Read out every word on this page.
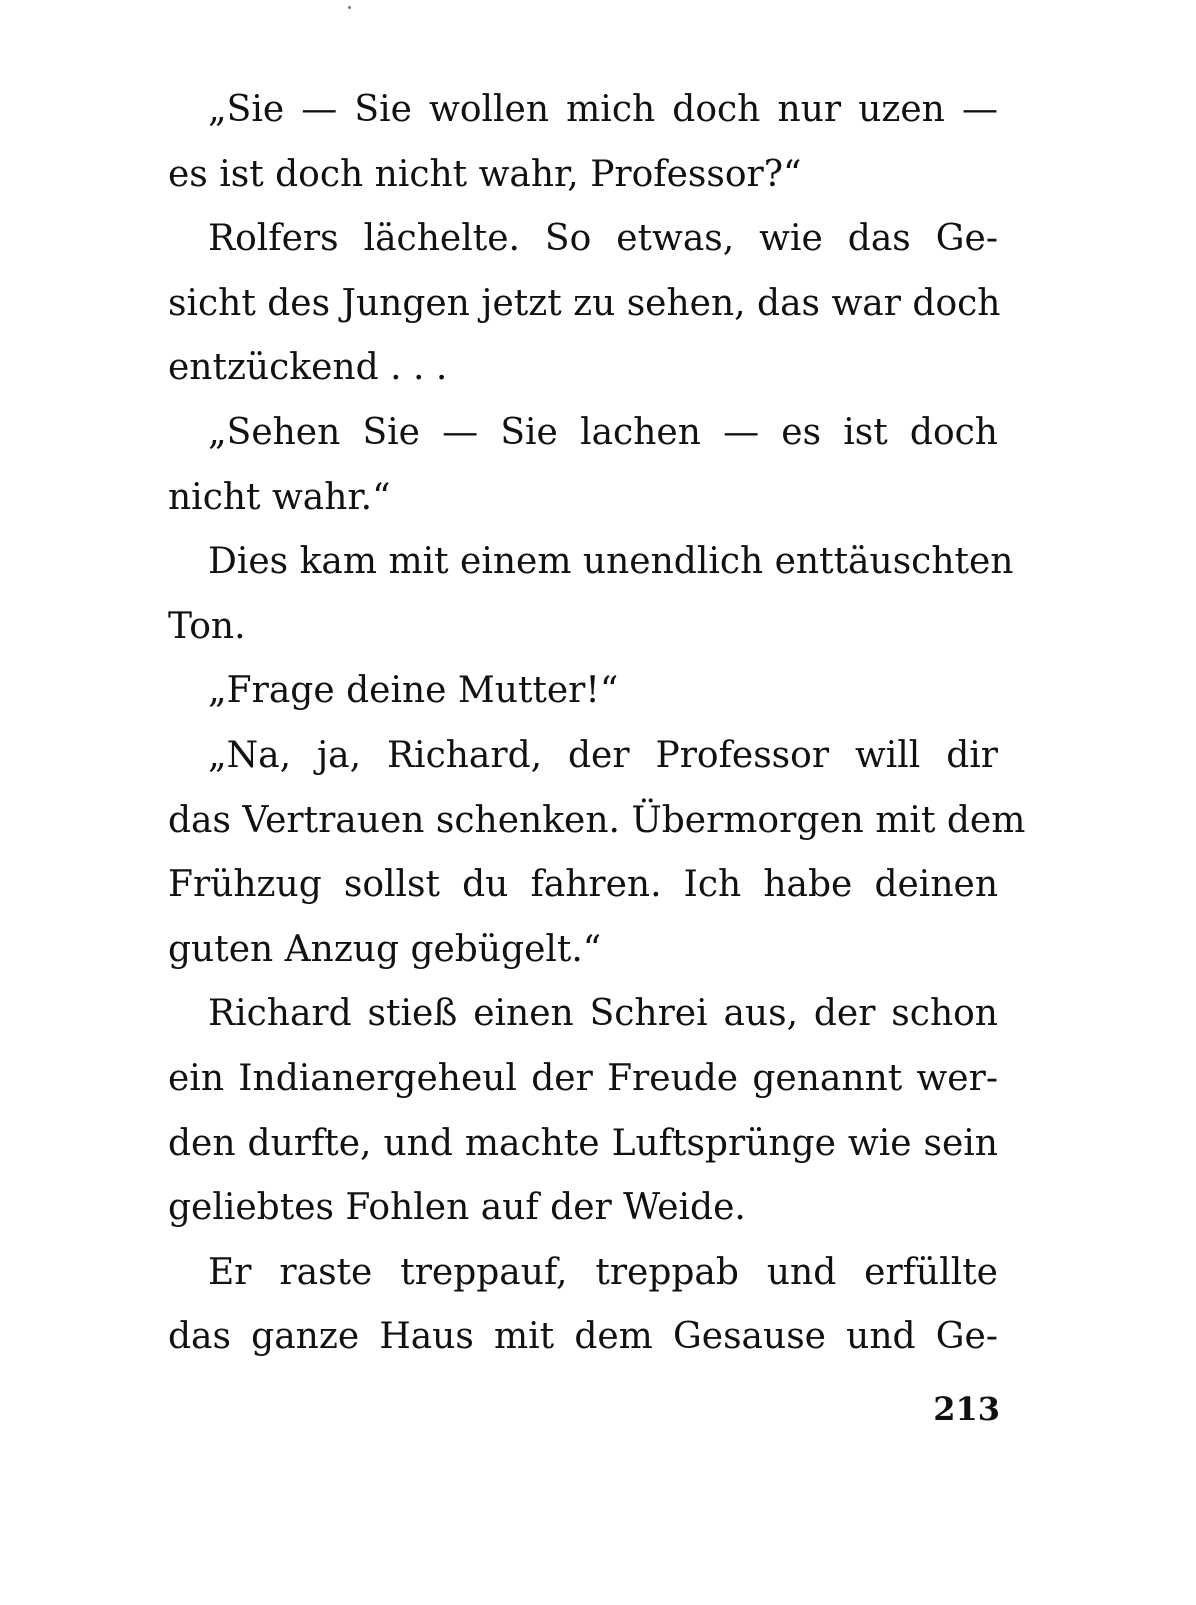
„Sie — Sie wollen mich doch nur uzen —
es ist doch nicht wahr, Professor?“
Rolfers lächelte. So etwas, wie das Ge-
sicht des Jungen jetzt zu sehen, das war doch
entzückend . . .
„Sehen Sie — Sie lachen — es ist doch
nicht wahr.“
Dies kam mit einem unendlich enttäuschten
Ton.
„Frage deine Mutter!“
„Na, ja, Richard, der Professor will dir
das Vertrauen schenken. Übermorgen mit dem
Frühzug sollst du fahren. Ich habe deinen
guten Anzug gebügelt.“
Richard stieß einen Schrei aus, der schon
ein Indianergeheul der Freude genannt wer-
den durfte, und machte Luftsprünge wie sein
geliebtes Fohlen auf der Weide.
Er raste treppauf, treppab und erfüllte
das ganze Haus mit dem Gesause und Ge-
213
